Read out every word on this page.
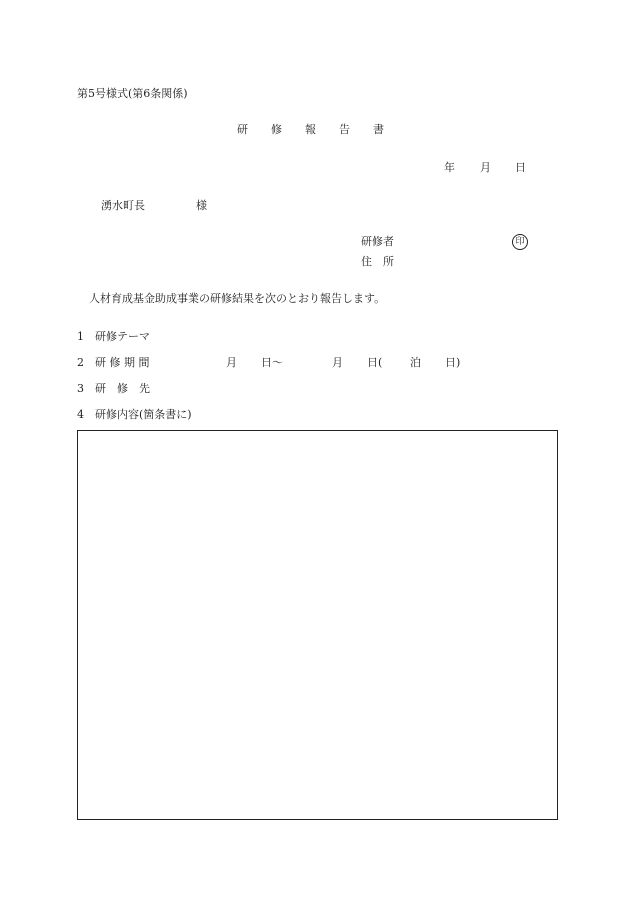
第5号様式(第6条関係)
研 修 報 告 書
年 月 日
湧水町長	様
研修者	印
住　所
人材育成基金助成事業の研修結果を次のとおり報告します。
1 研修テーマ
2 研 修 期 間	月 日〜	月 日(	泊 日)
3 研　修　先
4 研修内容(箇条書に)
